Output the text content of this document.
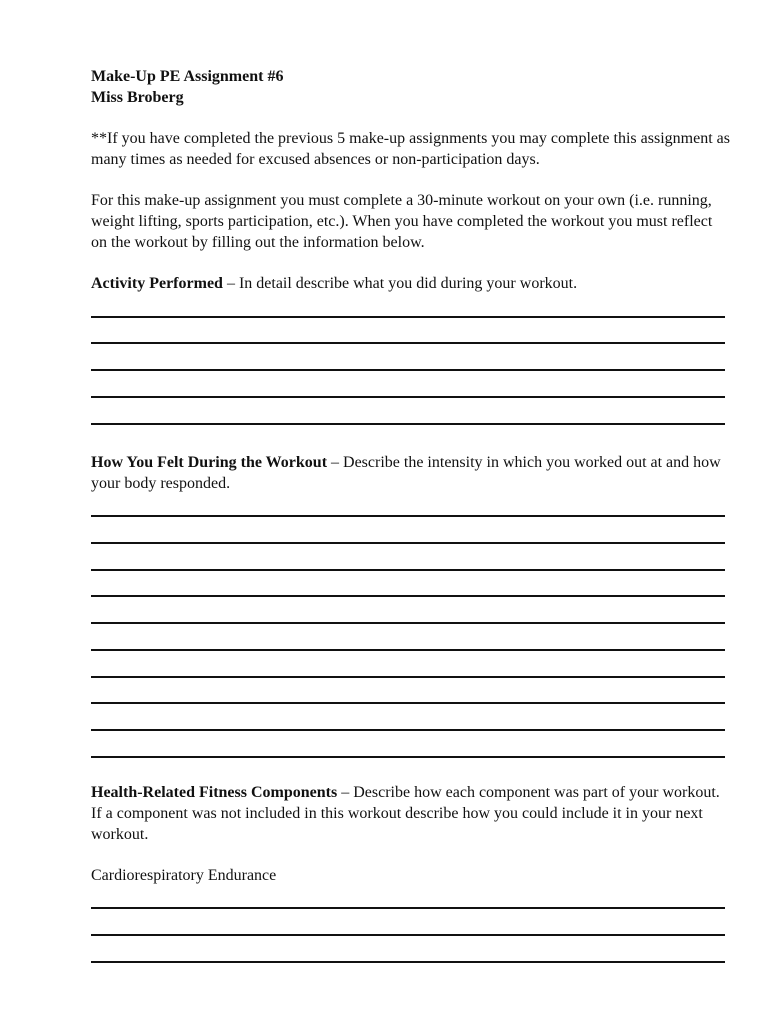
Make-Up PE Assignment #6
Miss Broberg

**If you have completed the previous 5 make-up assignments you may complete this assignment as many times as needed for excused absences or non-participation days.

For this make-up assignment you must complete a 30-minute workout on your own (i.e. running, weight lifting, sports participation, etc.). When you have completed the workout you must reflect on the workout by filling out the information below.

Activity Performed – In detail describe what you did during your workout.

How You Felt During the Workout – Describe the intensity in which you worked out at and how your body responded.

Health-Related Fitness Components – Describe how each component was part of your workout. If a component was not included in this workout describe how you could include it in your next workout.

Cardiorespiratory Endurance
